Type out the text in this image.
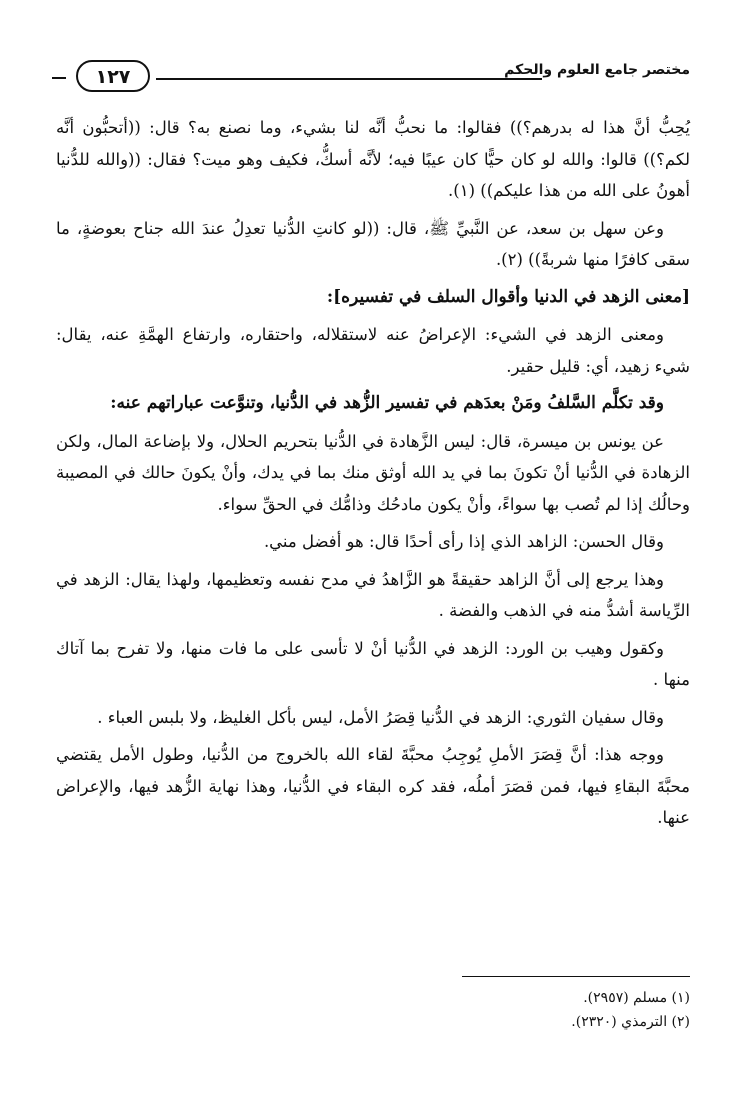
مختصر جامع العلوم والحكم
١٢٧

يُحِبُّ أنَّ هذا له بدرهم؟)) فقالوا: ما نحبُّ أنَّه لنا بشيء، وما نصنع به؟ قال: ((أتحبُّون أنَّه لكم؟)) قالوا: والله لو كان حيًّا كان عيبًا فيه؛ لأنَّه أسكُّ، فكيف وهو ميت؟ فقال: ((والله للدُّنيا أهونُ على الله من هذا عليكم)) (١).

وعن سهل بن سعد، عن النَّبيِّ ﷺ، قال: ((لو كانتِ الدُّنيا تعدِلُ عندَ الله جناح بعوضةٍ، ما سقى كافرًا منها شربةً)) (٢).

[معنى الزهد في الدنيا وأقوال السلف في تفسيره]:

ومعنى الزهد في الشيء: الإعراضُ عنه لاستقلاله، واحتقاره، وارتفاع الهمَّةِ عنه، يقال: شيء زهيد، أي: قليل حقير.

وقد تكلَّم السَّلفُ ومَنْ بعدَهم في تفسير الزُّهد في الدُّنيا، وتنوَّعت عباراتهم عنه:

عن يونس بن ميسرة، قال: ليس الزَّهادة في الدُّنيا بتحريم الحلال، ولا بإضاعة المال، ولكن الزهادة في الدُّنيا أنْ تكونَ بما في يد الله أوثق منك بما في يدك، وأنْ يكونَ حالك في المصيبة وحالُك إذا لم تُصب بها سواءً، وأنْ يكون مادحُك وذامُّك في الحقِّ سواء.

وقال الحسن: الزاهد الذي إذا رأى أحدًا قال: هو أفضل مني.

وهذا يرجع إلى أنَّ الزاهد حقيقةً هو الزَّاهدُ في مدح نفسه وتعظيمها، ولهذا يقال: الزهد في الرِّياسة أشدُّ منه في الذهب والفضة .

وكقول وهيب بن الورد: الزهد في الدُّنيا أنْ لا تأسى على ما فات منها، ولا تفرح بما آتاك منها .

وقال سفيان الثوري: الزهد في الدُّنيا قِصَرُ الأمل، ليس بأكل الغليظ، ولا بلبس العباء .

ووجه هذا: أنَّ قِصَرَ الأملِ يُوجِبُ محبَّةَ لقاء الله بالخروج من الدُّنيا، وطول الأمل يقتضي محبَّةَ البقاءِ فيها، فمن قصَرَ أملُه، فقد كره البقاء في الدُّنيا، وهذا نهاية الزُّهد فيها، والإعراض عنها.

(١) مسلم (٢٩٥٧).
(٢) الترمذي (٢٣٢٠).
